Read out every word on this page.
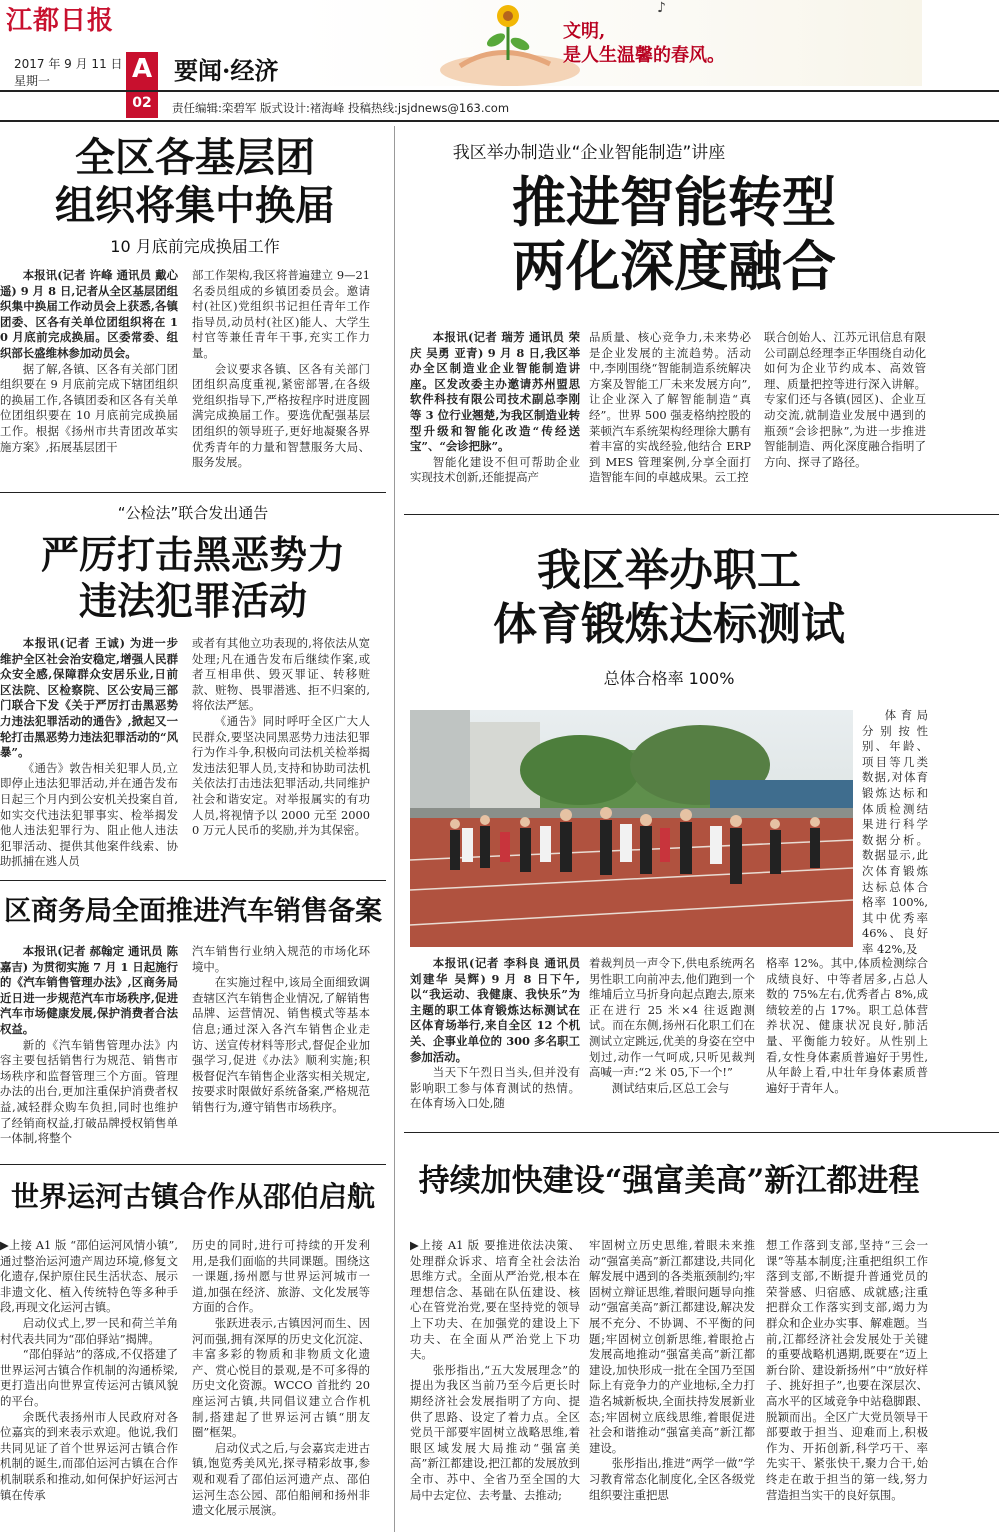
江都日报
2017 年 9 月 11 日
星期一	A
02
要闻·经济
责任编辑:栾碧军 版式设计:褚海峰 投稿热线:jsjdnews@163.com
♪
文明,
是人生温馨的春风。
全区各基层团
组织将集中换届
10 月底前完成换届工作

本报讯(记者 许峰 通讯员 戴心遥) 9 月 8 日,记者从全区基层团组织集中换届工作动员会上获悉,各镇团委、区各有关单位团组织将在 10 月底前完成换届。区委常委、组织部长盛维林参加动员会。

据了解,各镇、区各有关部门团组织要在 9 月底前完成下辖团组织的换届工作,各镇团委和区各有关单位团组织要在 10 月底前完成换届工作。根据《扬州市共青团改革实施方案》,拓展基层团干

部工作架构,我区将普遍建立 9—21 名委员组成的乡镇团委员会。邀请村(社区)党组织书记担任青年工作指导员,动员村(社区)能人、大学生村官等兼任青年干事,充实工作力量。

会议要求各镇、区各有关部门团组织高度重视,紧密部署,在各级党组织指导下,严格按程序时进度圆满完成换届工作。要选优配强基层团组织的领导班子,更好地凝聚各界优秀青年的力量和智慧服务大局、服务发展。

“公检法”联合发出通告
严厉打击黑恶势力
违法犯罪活动

本报讯(记者 王诚) 为进一步维护全区社会治安稳定,增强人民群众安全感,保障群众安居乐业,日前区法院、区检察院、区公安局三部门联合下发《关于严厉打击黑恶势力违法犯罪活动的通告》,掀起又一轮打击黑恶势力违法犯罪活动的“风暴”。

《通告》敦告相关犯罪人员,立即停止违法犯罪活动,并在通告发布日起三个月内到公安机关投案自首,如实交代违法犯罪事实、检举揭发他人违法犯罪行为、阻止他人违法犯罪活动、提供其他案件线索、协助抓捕在逃人员

或者有其他立功表现的,将依法从宽处理;凡在通告发布后继续作案,或者互相串供、毁灭罪证、转移赃款、赃物、畏罪潜逃、拒不归案的,将依法严惩。

《通告》同时呼吁全区广大人民群众,要坚决同黑恶势力违法犯罪行为作斗争,积极向司法机关检举揭发违法犯罪人员,支持和协助司法机关依法打击违法犯罪活动,共同维护社会和谐安定。对举报属实的有功人员,将视情予以 2000 元至 20000 万元人民币的奖励,并为其保密。

区商务局全面推进汽车销售备案

本报讯(记者 郝翰定 通讯员 陈嘉吉) 为贯彻实施 7 月 1 日起施行的《汽车销售管理办法》,区商务局近日进一步规范汽车市场秩序,促进汽车市场健康发展,保护消费者合法权益。

新的《汽车销售管理办法》内容主要包括销售行为规范、销售市场秩序和监督管理三个方面。管理办法的出台,更加注重保护消费者权益,减轻群众购车负担,同时也维护了经销商权益,打破品牌授权销售单一体制,将整个

汽车销售行业纳入规范的市场化环境中。

在实施过程中,该局全面细致调查辖区汽车销售企业情况,了解销售品牌、运营情况、销售模式等基本信息;通过深入各汽车销售企业走访、送宣传材料等形式,督促企业加强学习,促进《办法》顺利实施;积极督促汽车销售企业落实相关规定,按要求时限做好系统备案,严格规范销售行为,遵守销售市场秩序。

世界运河古镇合作从邵伯启航

▶上接 A1 版 “邵伯运河风情小镇”,通过整治运河遗产周边环境,修复文化遗存,保护原住民生活状态、展示非遗文化、植入传统特色等多种手段,再现文化运河古镇。

启动仪式上,罗一民和荷兰羊角村代表共同为“邵伯驿站”揭牌。

“邵伯驿站”的落成,不仅搭建了世界运河古镇合作机制的沟通桥梁,更打造出向世界宣传运河古镇风貌的平台。

余既代表扬州市人民政府对各位嘉宾的到来表示欢迎。他说,我们共同见证了首个世界运河古镇合作机制的诞生,而邵伯运河古镇在合作机制联系和推动,如何保护好运河古镇在传承

历史的同时,进行可持续的开发利用,是我们面临的共同课题。围绕这一课题,扬州愿与世界运河城市一道,加强在经济、旅游、文化发展等方面的合作。

张跃进表示,古镇因河而生、因河而强,拥有深厚的历史文化沉淀、丰富多彩的物质和非物质文化遗产、赏心悦目的景观,是不可多得的历史文化资源。WCCO 首批约 20 座运河古镇,共同倡议建立合作机制,搭建起了世界运河古镇“朋友圈”框架。

启动仪式之后,与会嘉宾走进古镇,饱览秀美风光,探寻精彩故事,参观和观看了邵伯运河遗产点、邵伯运河生态公园、邵伯船闸和扬州非遗文化展示展演。

我区举办制造业“企业智能制造”讲座
推进智能转型
两化深度融合

本报讯(记者 瑞芳 通讯员 荣庆 吴勇 亚青) 9 月 8 日,我区举办全区制造业企业智能制造讲座。区发改委主办邀请苏州盟思软件科技有限公司技术副总李刚等 3 位行业翘楚,为我区制造业转型升级和智能化改造“传经送宝”、“会诊把脉”。

智能化建设不但可帮助企业实现技术创新,还能提高产

品质量、核心竞争力,未来势必是企业发展的主流趋势。活动中,李刚围绕“智能制造系统解决方案及智能工厂未来发展方向”,让企业深入了解智能制造“真经”。世界 500 强麦格纳控股的莱顿汽车系统架构经理徐大鹏有着丰富的实战经验,他结合 ERP 到 MES 管理案例,分享全面打造智能车间的卓越成果。云工控

联合创始人、江苏元讯信息有限公司副总经理李正华围绕自动化如何为企业节约成本、高效管理、质量把控等进行深入讲解。专家们还与各镇(园区)、企业互动交流,就制造业发展中遇到的瓶颈“会诊把脉”,为进一步推进智能制造、两化深度融合指明了方向、探寻了路径。

我区举办职工
体育锻炼达标测试
总体合格率 100%

体育局分别按性别、年龄、项目等几类数据,对体育锻炼达标和体质检测结果进行科学数据分析。数据显示,此次体育锻炼达标总体合格率 100%,其中优秀率 46%、良好率 42%,及

本报讯(记者 李科良 通讯员 刘建华 吴辉) 9 月 8 日下午,以“我运动、我健康、我快乐”为主题的职工体育锻炼达标测试在区体育场举行,来自全区 12 个机关、企事业单位的 300 多名职工参加活动。

当天下午烈日当头,但并没有影响职工参与体育测试的热情。在体育场入口处,随

着裁判员一声令下,供电系统两名男性职工向前冲去,他们跑到一个维埔后立马折身向起点跑去,原来正在进行 25 米×4 往返跑测试。而在东侧,扬州石化职工们在测试立定跳远,优美的身姿在空中划过,动作一气呵成,只听见裁判高喊一声:“2 米 05,下一个!”

测试结束后,区总工会与

格率 12%。其中,体质检测综合成绩良好、中等者居多,占总人数的 75%左右,优秀者占 8%,成绩较差的占 17%。职工总体营养状况、健康状况良好,肺活量、平衡能力较好。从性别上看,女性身体素质普遍好于男性,从年龄上看,中壮年身体素质普遍好于青年人。

持续加快建设“强富美高”新江都进程

▶上接 A1 版 要推进依法决策、处理群众诉求、培育全社会法治思维方式。全面从严治党,根本在理想信念、基础在队伍建设、核心在管党治党,要在坚持党的领导上下功夫、在加强党的建设上下功夫、在全面从严治党上下功夫。

张彤指出,“五大发展理念”的提出为我区当前乃至今后更长时期经济社会发展指明了方向、提供了思路、设定了着力点。全区党员干部要牢固树立战略思维,着眼区域发展大局推动“强富美高”新江都建设,把江都的发展放到全市、苏中、全省乃至全国的大局中去定位、去考量、去推动;

牢固树立历史思维,着眼未来推动“强富美高”新江都建设,共同化解发展中遇到的各类瓶颈制约;牢固树立辩证思维,着眼问题导向推动“强富美高”新江都建设,解决发展不充分、不协调、不平衡的问题;牢固树立创新思维,着眼抢占发展高地推动“强富美高”新江都建设,加快形成一批在全国乃至国际上有竞争力的产业地标,全力打造名城新板块,全面扶持发展新业态;牢固树立底线思维,着眼促进社会和谐推动“强富美高”新江都建设。

张彤指出,推进“两学一做”学习教育常态化制度化,全区各级党组织要注重把思

想工作落到支部,坚持“三会一课”等基本制度;注重把组织工作落到支部,不断提升普通党员的荣誉感、归宿感、成就感;注重把群众工作落实到支部,竭力为群众和企业办实事、解难题。当前,江都经济社会发展处于关键的重要战略机遇期,既要在“迈上新台阶、建设新扬州”中“放好样子、挑好担子”,也要在深层次、高水平的区域竞争中站稳脚跟、脱颖而出。全区广大党员领导干部要敢于担当、迎难而上,积极作为、开拓创新,科学巧干、率先实干、紧张快干,聚力合干,始终走在敢于担当的第一线,努力营造担当实干的良好氛围。
